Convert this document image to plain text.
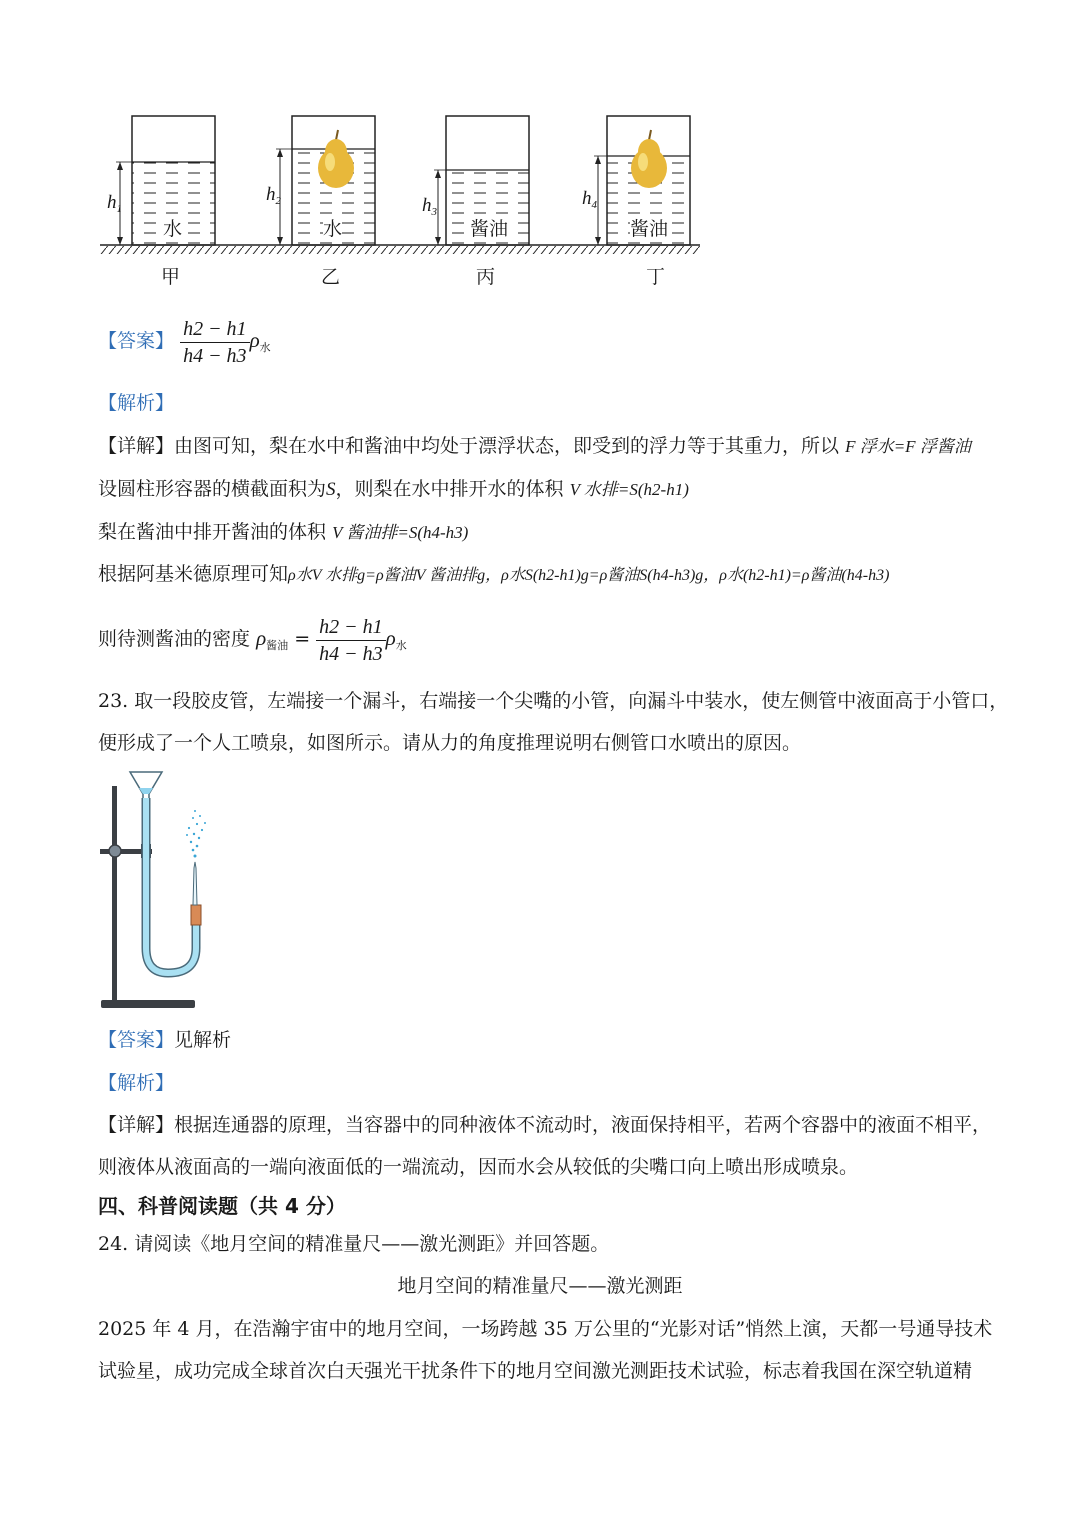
$h_1$
$h_2$	$h_3$
$h_4$
水	水	酱油	酱油
甲	乙	丙	丁
【答案】 $\frac{h2 - h1}{h4 - h3} \rho_水$
【解析】
【详解】由图可知，梨在水中和酱油中均处于漂浮状态，即受到的浮力等于其重力，所以 F 浮水=F 浮酱油
设圆柱形容器的横截面积为S，则梨在水中排开水的体积 V 水排=S(h2-h1)
梨在酱油中排开酱油的体积 V 酱油排=S(h4-h3)
根据阿基米德原理可知ρ水V 水排g=ρ酱油V 酱油排g，ρ水S(h2-h1)g=ρ酱油S(h4-h3)g，ρ水(h2-h1)=ρ酱油(h4-h3)
则待测酱油的密度 $\rho_{酱油} = \frac{h2 - h1}{h4 - h3} \rho_水$
23. 取一段胶皮管，左端接一个漏斗，右端接一个尖嘴的小管，向漏斗中装水，使左侧管中液面高于小管口，
便形成了一个人工喷泉，如图所示。请从力的角度推理说明右侧管口水喷出的原因。
【答案】见解析
【解析】
【详解】根据连通器的原理，当容器中的同种液体不流动时，液面保持相平，若两个容器中的液面不相平，
则液体从液面高的一端向液面低的一端流动，因而水会从较低的尖嘴口向上喷出形成喷泉。
四、科普阅读题（共 4 分）
24. 请阅读《地月空间的精准量尺——激光测距》并回答题。
地月空间的精准量尺——激光测距
2025 年 4 月，在浩瀚宇宙中的地月空间，一场跨越 35 万公里的“光影对话”悄然上演，天都一号通导技术
试验星，成功完成全球首次白天强光干扰条件下的地月空间激光测距技术试验，标志着我国在深空轨道精
